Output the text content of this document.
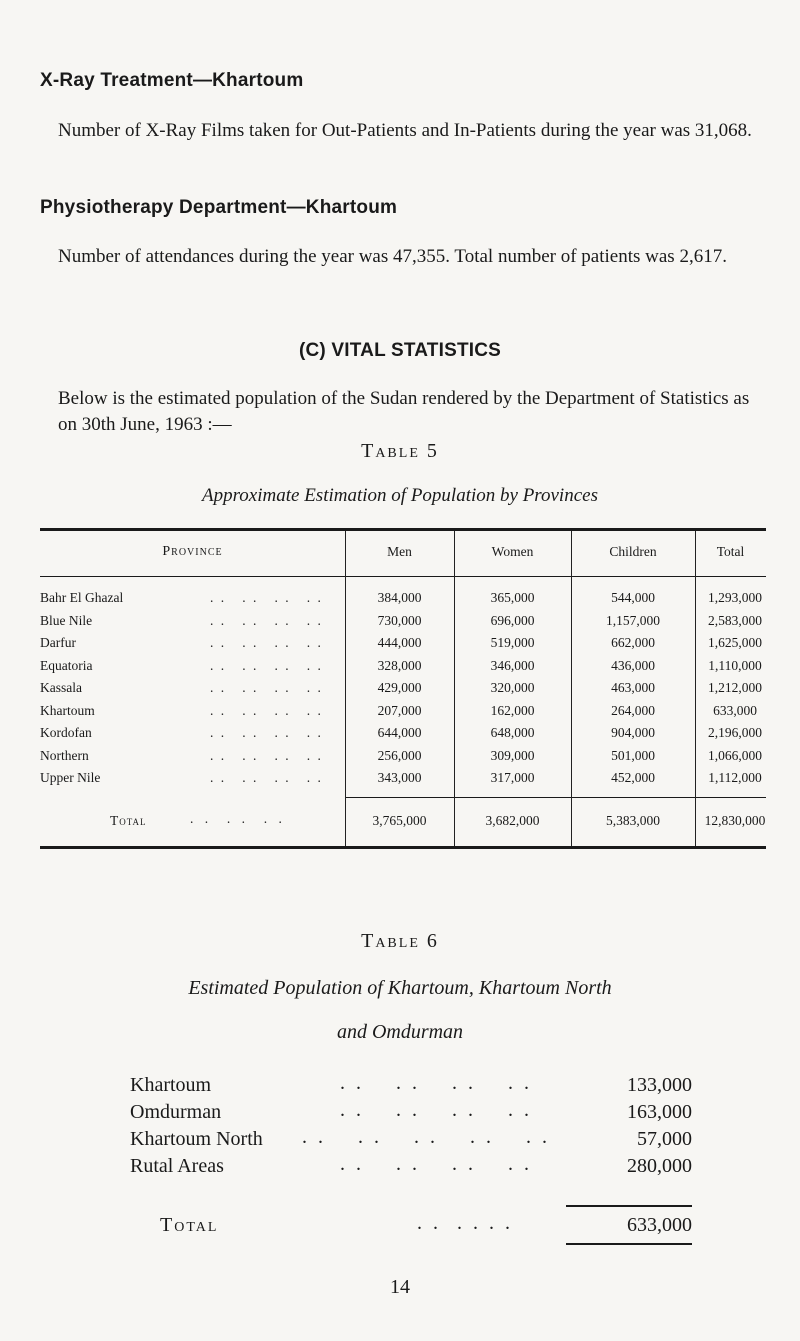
X-Ray Treatment—Khartoum
Number of X-Ray Films taken for Out-Patients and In-Patients during the year was 31,068.
Physiotherapy Department—Khartoum
Number of attendances during the year was 47,355. Total number of patients was 2,617.
(C) VITAL STATISTICS
Below is the estimated population of the Sudan rendered by the Department of Statistics as on 30th June, 1963 :—
Table 5
Approximate Estimation of Population by Provinces
Province	Men	Women	Children	Total
Bahr El Ghazal	. .   . .   . .   . .	384,000	365,000	544,000	1,293,000
Blue Nile	. .   . .   . .   . .	730,000	696,000	1,157,000	2,583,000
Darfur	. .   . .   . .   . .	444,000	519,000	662,000	1,625,000
Equatoria	. .   . .   . .   . .	328,000	346,000	436,000	1,110,000
Kassala	. .   . .   . .   . .	429,000	320,000	463,000	1,212,000
Khartoum	. .   . .   . .   . .	207,000	162,000	264,000	633,000
Kordofan	. .   . .   . .   . .	644,000	648,000	904,000	2,196,000
Northern	. .   . .   . .   . .	256,000	309,000	501,000	1,066,000
Upper Nile	. .   . .   . .   . .	343,000	317,000	452,000	1,112,000
Total	. .  . .  . .	3,765,000	3,682,000	5,383,000	12,830,000
Table 6
Estimated Population of Khartoum, Khartoum North
and Omdurman
Khartoum	. .    . .    . .    . .	133,000
Omdurman	. .    . .    . .    . .	163,000
Khartoum North . .    . .    . .    . .    . .	57,000
Rutal Areas	. .    . .    . .    . .	280,000
Total	. .  . . . .	633,000
14
